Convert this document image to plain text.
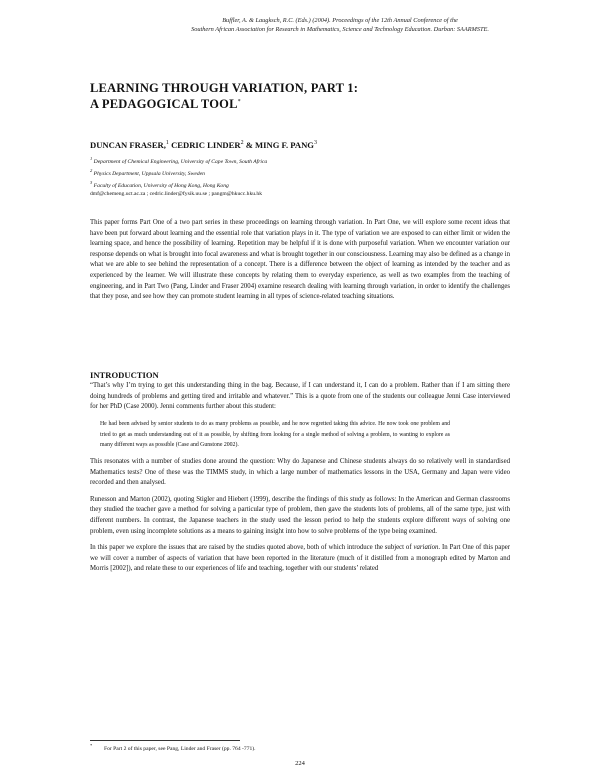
Buffler, A. & Laugksch, R.C. (Eds.) (2004). Proceedings of the 12th Annual Conference of the
Southern African Association for Research in Mathematics, Science and Technology Education. Durban: SAARMSTE.
LEARNING THROUGH VARIATION, PART 1:
A PEDAGOGICAL TOOL*
DUNCAN FRASER,$^1$ CEDRIC LINDER$^2$ & MING F. PANG$^3$
$^1$ Department of Chemical Engineering, University of Cape Town, South Africa
$^2$ Physics Department, Uppsala University, Sweden
$^3$ Faculty of Education, University of Hong Kong, Hong Kong
dmf@chemeng.uct.ac.za ; cedric.linder@fysik.uu.se ; pangm@hkucc.hku.hk
This paper forms Part One of a two part series in these proceedings on learning through variation. In Part One, we will explore some recent ideas that have been put forward about learning and the essential role that variation plays in it. The type of variation we are exposed to can either limit or widen the learning space, and hence the possibility of learning. Repetition may be helpful if it is done with purposeful variation. When we encounter variation our response depends on what is brought into focal awareness and what is brought together in our consciousness. Learning may also be defined as a change in what we are able to see behind the representation of a concept. There is a difference between the object of learning as intended by the teacher and as experienced by the learner. We will illustrate these concepts by relating them to everyday experience, as well as two examples from the teaching of engineering, and in Part Two (Pang, Linder and Fraser 2004) examine research dealing with learning through variation, in order to identify the challenges that they pose, and see how they can promote student learning in all types of science-related teaching situations.
INTRODUCTION

“That’s why I’m trying to get this understanding thing in the bag. Because, if I can understand it, I can do a problem. Rather than if I am sitting there doing hundreds of problems and getting tired and irritable and whatever.” This is a quote from one of the students our colleague Jenni Case interviewed for her PhD (Case 2000). Jenni comments further about this student:

He had been advised by senior students to do as many problems as possible, and he now regretted taking this advice. He now took one problem and tried to get as much understanding out of it as possible, by shifting from looking for a single method of solving a problem, to wanting to explore as many different ways as possible (Case and Gunstone 2002).

This resonates with a number of studies done around the question: Why do Japanese and Chinese students always do so relatively well in standardised Mathematics tests? One of these was the TIMMS study, in which a large number of mathematics lessons in the USA, Germany and Japan were video recorded and then analysed.

Runesson and Marton (2002), quoting Stigler and Hiebert (1999), describe the findings of this study as follows: In the American and German classrooms they studied the teacher gave a method for solving a particular type of problem, then gave the students lots of problems, all of the same type, just with different numbers. In contrast, the Japanese teachers in the study used the lesson period to help the students explore different ways of solving one problem, even using incomplete solutions as a means to gaining insight into how to solve problems of the type being examined.

In this paper we explore the issues that are raised by the studies quoted above, both of which introduce the subject of variation. In Part One of this paper we will cover a number of aspects of variation that have been reported in the literature (much of it distilled from a monograph edited by Marton and Morris [2002]), and relate these to our experiences of life and teaching, together with our students’ related

*For Part 2 of this paper, see Pang, Linder and Fraser (pp. 764 -771).
224
